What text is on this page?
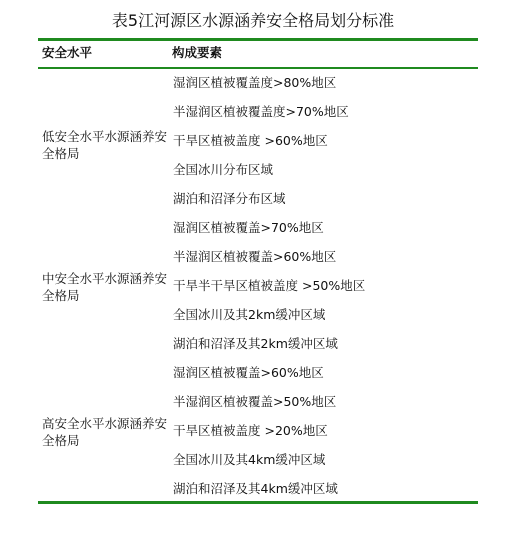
表5江河源区水源涵养安全格局划分标准
安全水平	构成要素
低安全水平水源涵养安全格局
湿润区植被覆盖度>80%地区
半湿润区植被覆盖度>70%地区
干旱区植被盖度 >60%地区
全国冰川分布区域
湖泊和沼泽分布区域
中安全水平水源涵养安全格局
湿润区植被覆盖>70%地区
半湿润区植被覆盖>60%地区
干旱半干旱区植被盖度 >50%地区
全国冰川及其2km缓冲区域
湖泊和沼泽及其2km缓冲区域
高安全水平水源涵养安全格局
湿润区植被覆盖>60%地区
半湿润区植被覆盖>50%地区
干旱区植被盖度 >20%地区
全国冰川及其4km缓冲区域
湖泊和沼泽及其4km缓冲区域
